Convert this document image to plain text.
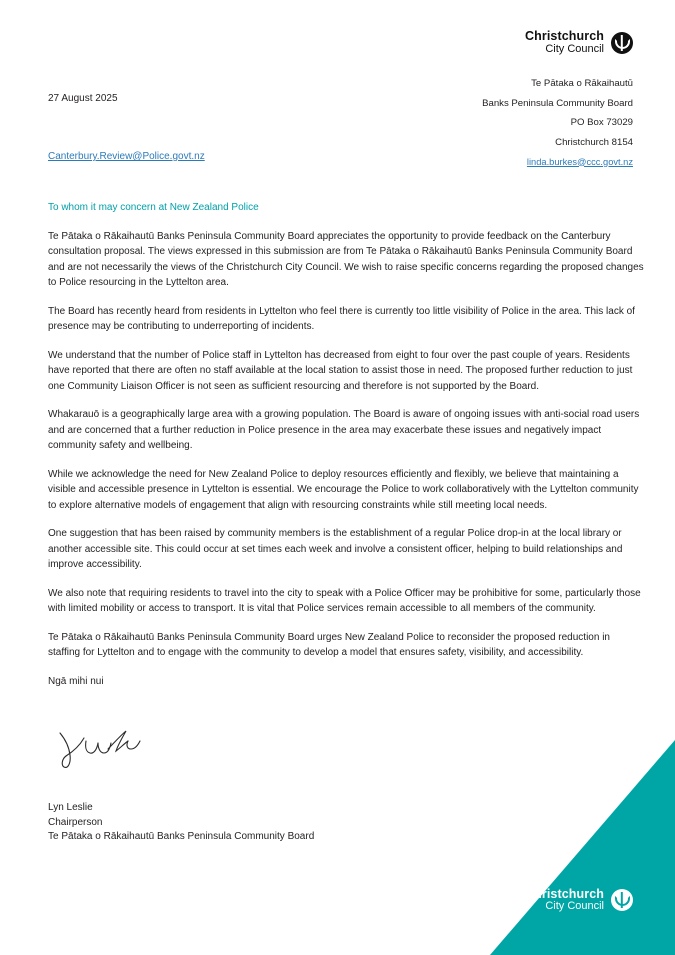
Christchurch
City Council
Te Pātaka o Rākaihautū
Banks Peninsula Community Board
PO Box 73029
Christchurch 8154
linda.burkes@ccc.govt.nz
27 August 2025
Canterbury.Review@Police.govt.nz
To whom it may concern at New Zealand Police

Te Pātaka o Rākaihautū Banks Peninsula Community Board appreciates the opportunity to provide feedback on the Canterbury consultation proposal. The views expressed in this submission are from Te Pātaka o Rākaihautū Banks Peninsula Community Board and are not necessarily the views of the Christchurch City Council. We wish to raise specific concerns regarding the proposed changes to Police resourcing in the Lyttelton area.

The Board has recently heard from residents in Lyttelton who feel there is currently too little visibility of Police in the area. This lack of presence may be contributing to underreporting of incidents.

We understand that the number of Police staff in Lyttelton has decreased from eight to four over the past couple of years. Residents have reported that there are often no staff available at the local station to assist those in need. The proposed further reduction to just one Community Liaison Officer is not seen as sufficient resourcing and therefore is not supported by the Board.

Whakarauō is a geographically large area with a growing population. The Board is aware of ongoing issues with anti-social road users and are concerned that a further reduction in Police presence in the area may exacerbate these issues and negatively impact community safety and wellbeing.

While we acknowledge the need for New Zealand Police to deploy resources efficiently and flexibly, we believe that maintaining a visible and accessible presence in Lyttelton is essential. We encourage the Police to work collaboratively with the Lyttelton community to explore alternative models of engagement that align with resourcing constraints while still meeting local needs.

One suggestion that has been raised by community members is the establishment of a regular Police drop-in at the local library or another accessible site. This could occur at set times each week and involve a consistent officer, helping to build relationships and improve accessibility.

We also note that requiring residents to travel into the city to speak with a Police Officer may be prohibitive for some, particularly those with limited mobility or access to transport. It is vital that Police services remain accessible to all members of the community.

Te Pātaka o Rākaihautū Banks Peninsula Community Board urges New Zealand Police to reconsider the proposed reduction in staffing for Lyttelton and to engage with the community to develop a model that ensures safety, visibility, and accessibility.

Ngā mihi nui

Lyn Leslie
Chairperson
Te Pātaka o Rākaihautū Banks Peninsula Community Board
Christchurch
City Council
